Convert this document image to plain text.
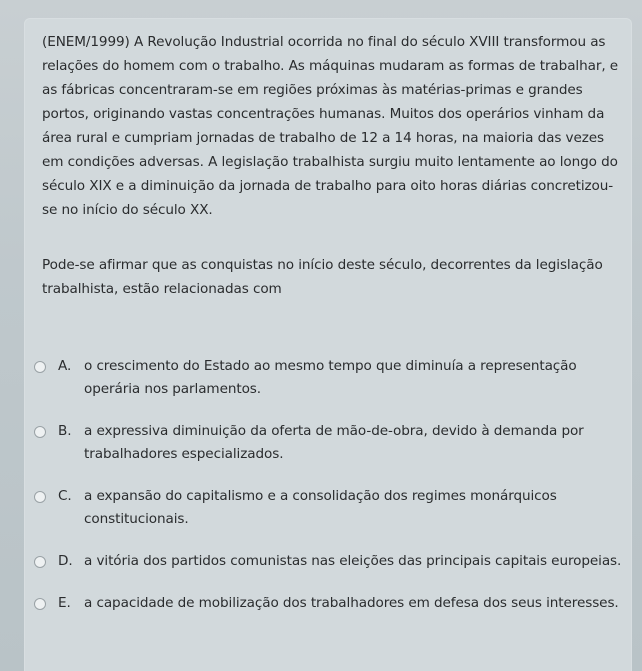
(ENEM/1999) A Revolução Industrial ocorrida no final do século XVIII transformou as relações do homem com o trabalho. As máquinas mudaram as formas de trabalhar, e as fábricas concentraram-se em regiões próximas às matérias-primas e grandes portos, originando vastas concentrações humanas. Muitos dos operários vinham da área rural e cumpriam jornadas de trabalho de 12 a 14 horas, na maioria das vezes em condições adversas. A legislação trabalhista surgiu muito lentamente ao longo do século XIX e a diminuição da jornada de trabalho para oito horas diárias concretizou-se no início do século XX.

Pode-se afirmar que as conquistas no início deste século, decorrentes da legislação trabalhista, estão relacionadas com

A. o crescimento do Estado ao mesmo tempo que diminuía a representação operária nos parlamentos.
B. a expressiva diminuição da oferta de mão-de-obra, devido à demanda por trabalhadores especializados.
C. a expansão do capitalismo e a consolidação dos regimes monárquicos constitucionais.
D. a vitória dos partidos comunistas nas eleições das principais capitais europeias.
E. a capacidade de mobilização dos trabalhadores em defesa dos seus interesses.
